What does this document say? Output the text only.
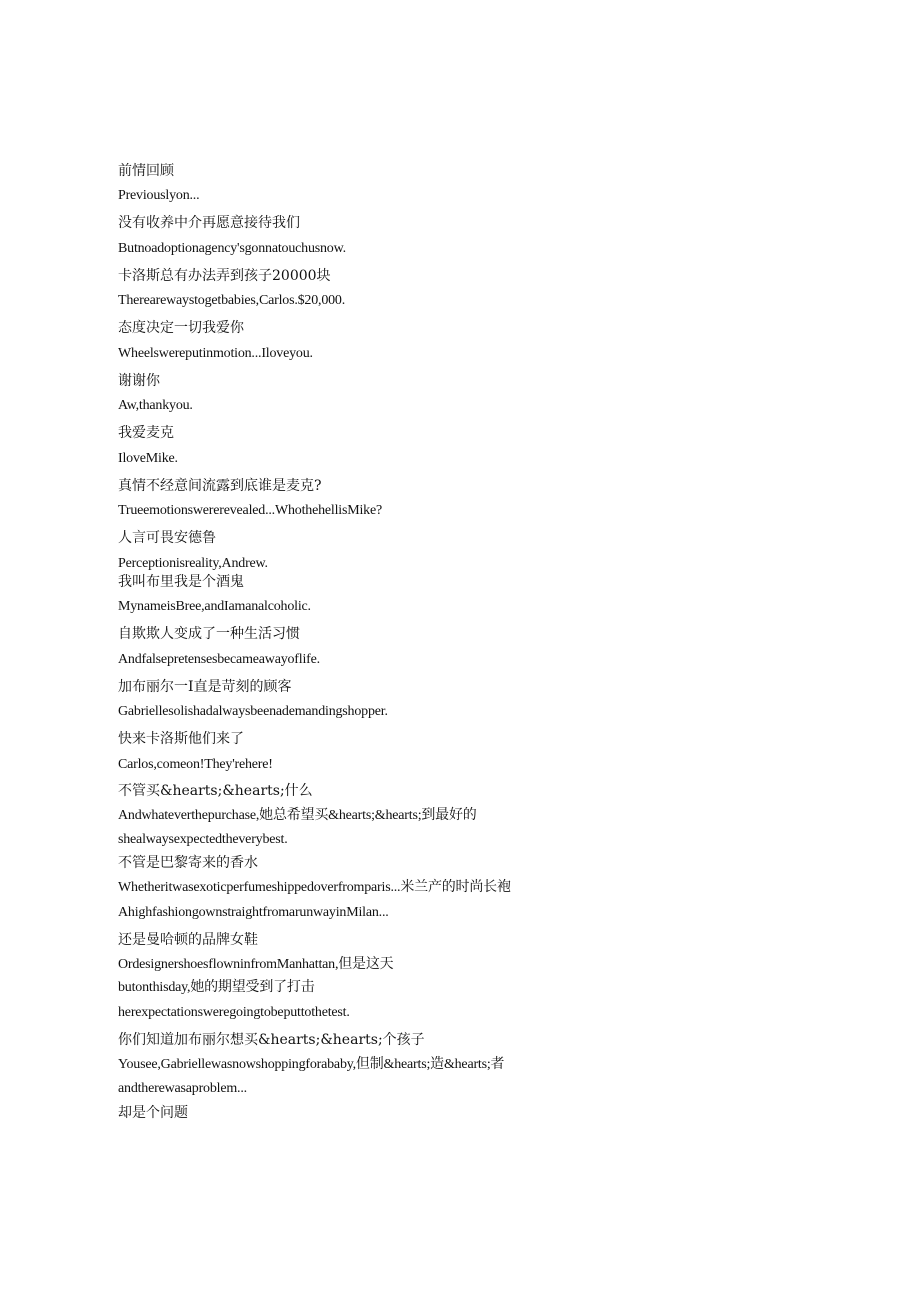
前情回顾

Previouslyon...

没有收养中介再愿意接待我们

Butnoadoptionagency'sgonnatouchusnow.

卡洛斯总有办法弄到孩子20000块

Therearewaystogetbabies,Carlos.$20,000.

态度决定一切我爱你

Wheelswereputinmotion...Iloveyou.

谢谢你

Aw,thankyou.

我爱麦克

IloveMike.

真情不经意间流露到底谁是麦克?

Trueemotionswererevealed...WhothehellisMike?

人言可畏安德鲁

Perceptionisreality,Andrew.

我叫布里我是个酒鬼

MynameisBree,andIamanalcoholic.

自欺欺人变成了一种生活习惯

Andfalsepretensesbecameawayoflife.

加布丽尔一I直是苛刻的顾客

Gabriellesolishadalwaysbeenademandingshopper.

快来卡洛斯他们来了

Carlos,comeon!They'rehere!

不管买&hearts;&hearts;什么

Andwhateverthepurchase,她总希望买&hearts;&hearts;到最好的

shealwaysexpectedtheverybest.

不管是巴黎寄来的香水

Whetheritwasexoticperfumeshippedoverfromparis...米兰产的时尚长袍

AhighfashiongownstraightfromarunwayinMilan...

还是曼哈顿的品牌女鞋

OrdesignershoesflowninfromManhattan,但是这天

butonthisday,她的期望受到了打击

herexpectationsweregoingtobeputtothetest.

你们知道加布丽尔想买&hearts;&hearts;个孩子

Yousee,Gabriellewasnowshoppingforababy,但制&hearts;造&hearts;者

andtherewasaproblem...

却是个问题
